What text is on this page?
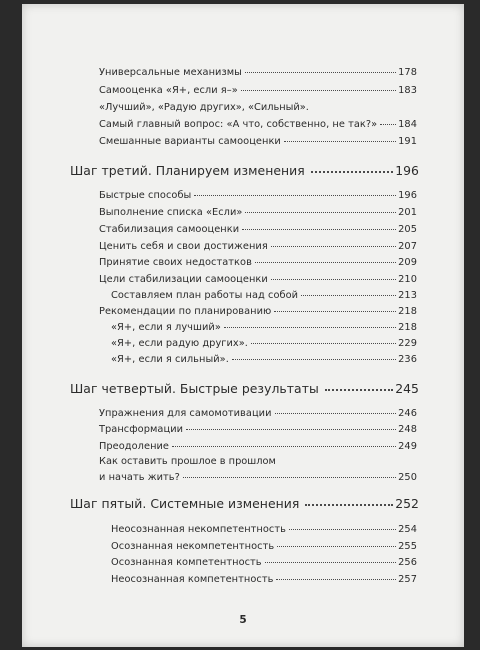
Универсальные механизмы	178
Самооценка «Я+, если я–»	183
«Лучший», «Радую других», «Сильный».
Самый главный вопрос: «А что, собственно, не так?» 184
Смешанные варианты самооценки	191
Шаг третий. Планируем изменения	196
Быстрые способы	196
Выполнение списка «Если»	201
Стабилизация самооценки	205
Ценить себя и свои достижения	207
Принятие своих недостатков	209
Цели стабилизации самооценки	210
Составляем план работы над собой	213
Рекомендации по планированию	218
«Я+, если я лучший»	218
«Я+, если радую других».	229
«Я+, если я сильный».	236
Шаг четвертый. Быстрые результаты	245
Упражнения для самомотивации	246
Трансформации	248
Преодоление	249
Как оставить прошлое в прошлом
и начать жить?	250
Шаг пятый. Системные изменения	252
Неосознанная некомпетентность	254
Осознанная некомпетентность	255
Осознанная компетентность	256
Неосознанная компетентность	257
5
